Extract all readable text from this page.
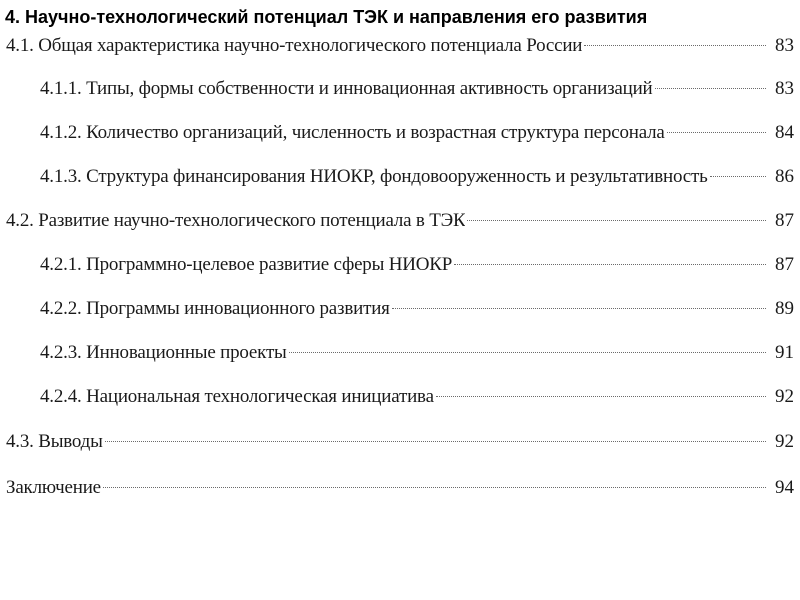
4. Научно-технологический потенциал ТЭК и направления его развития
4.1. Общая характеристика научно-технологического потенциала России	83
4.1.1. Типы, формы собственности и инновационная активность организаций	83
4.1.2. Количество организаций, численность и возрастная структура персонала	84
4.1.3. Структура финансирования НИОКР, фондовооруженность и результативность	86
4.2. Развитие научно-технологического потенциала в ТЭК	87
4.2.1. Программно-целевое развитие сферы НИОКР	87
4.2.2. Программы инновационного развития	89
4.2.3. Инновационные проекты	91
4.2.4. Национальная технологическая инициатива	92
4.3. Выводы	92
Заключение	94
